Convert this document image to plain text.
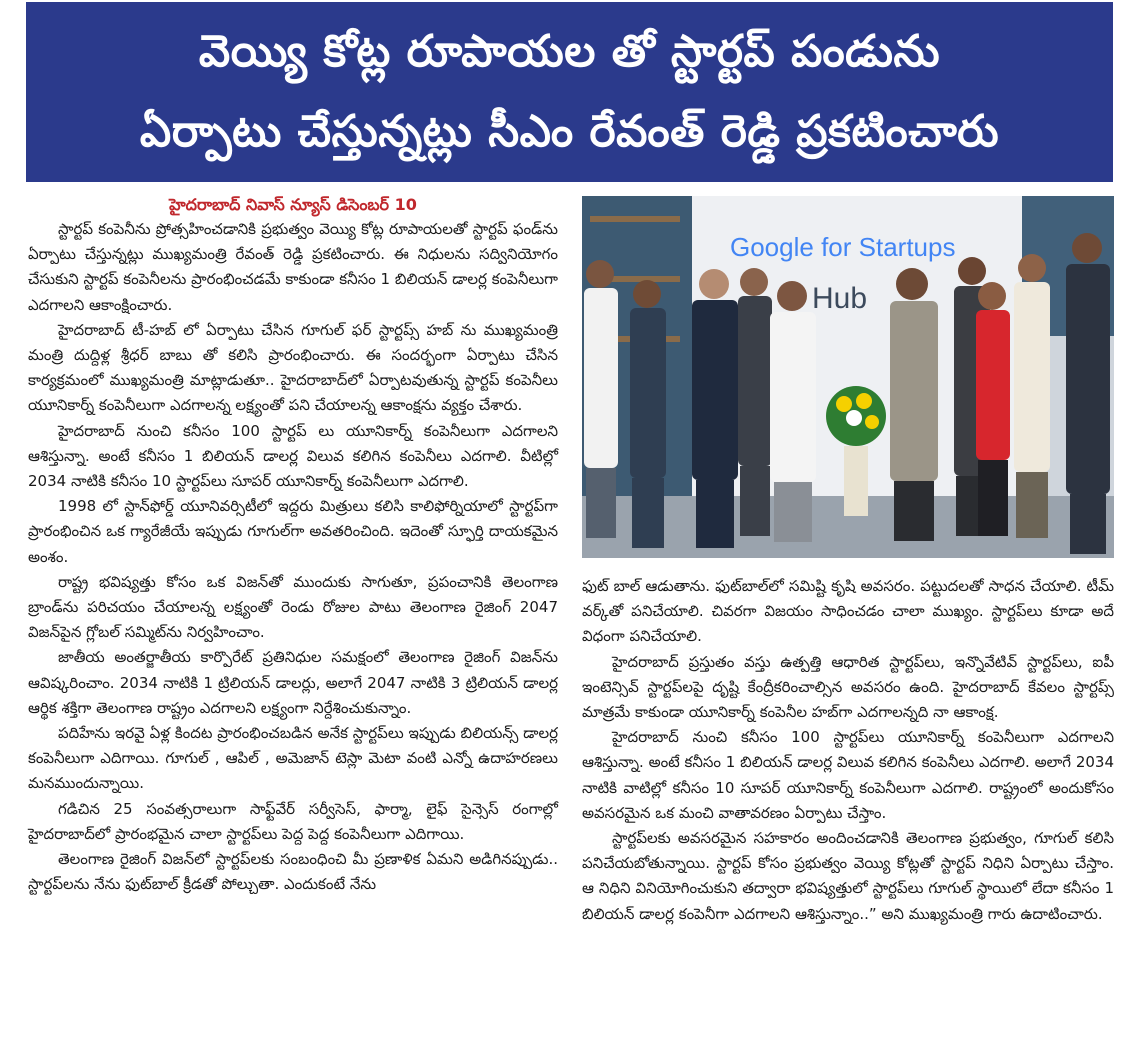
వెయ్యి కోట్ల రూపాయల తో స్టార్టప్ పండును
ఏర్పాటు చేస్తున్నట్లు సీఎం రేవంత్ రెడ్డి ప్రకటించారు

హైదరాబాద్ నివాస్ న్యూస్ డిసెంబర్ 10

స్టార్టప్ కంపెనీను ప్రోత్సహించడానికి ప్రభుత్వం వెయ్యి కోట్ల రూపాయలతో స్టార్టప్ ఫండ్‌ను ఏర్పాటు చేస్తున్నట్లు ముఖ్యమంత్రి రేవంత్ రెడ్డి ప్రకటించారు. ఈ నిధులను సద్వినియోగం చేసుకుని స్టార్టప్ కంపెనీలను ప్రారంభించడమే కాకుండా కనీసం 1 బిలియన్ డాలర్ల కంపెనీలుగా ఎదగాలని ఆకాంక్షించారు.

హైదరాబాద్ టీ-హబ్ లో ఏర్పాటు చేసిన గూగుల్ ఫర్ స్టార్టప్స్ హబ్ ను ముఖ్యమంత్రి మంత్రి దుద్దిళ్ల శ్రీధర్ బాబు తో కలిసి ప్రారంభించారు. ఈ సందర్భంగా ఏర్పాటు చేసిన కార్యక్రమంలో ముఖ్యమంత్రి మాట్లాడుతూ.. హైదరాబాద్‌లో ఏర్పాటవుతున్న స్టార్టప్ కంపెనీలు యూనికార్న్ కంపెనీలుగా ఎదగాలన్న లక్ష్యంతో పని చేయాలన్న ఆకాంక్షను వ్యక్తం చేశారు.

హైదరాబాద్ నుంచి కనీసం 100 స్టార్టప్ లు యూనికార్న్ కంపెనీలుగా ఎదగాలని ఆశిస్తున్నా. అంటే కనీసం 1 బిలియన్ డాలర్ల విలువ కలిగిన కంపెనీలు ఎదగాలి. వీటిల్లో 2034 నాటికి కనీసం 10 స్టార్టప్‌లు సూపర్ యూనికార్న్ కంపెనీలుగా ఎదగాలి.

1998 లో స్టాన్‌ఫోర్డ్ యూనివర్సిటీలో ఇద్దరు మిత్రులు కలిసి కాలిఫోర్నియాలో స్టార్టప్‌గా ప్రారంభించిన ఒక గ్యారేజీయే ఇప్పుడు గూగుల్‌గా అవతరించింది. ఇదెంతో స్ఫూర్తి దాయకమైన అంశం.

రాష్ట్ర భవిష్యత్తు కోసం ఒక విజన్‌తో ముందుకు సాగుతూ, ప్రపంచానికి తెలంగాణ బ్రాండ్‌ను పరిచయం చేయాలన్న లక్ష్యంతో రెండు రోజుల పాటు తెలంగాణ రైజింగ్ 2047 విజన్‌పైన గ్లోబల్ సమ్మిట్‌ను నిర్వహించాం.

జాతీయ అంతర్జాతీయ కార్పొరేట్ ప్రతినిధుల సమక్షంలో తెలంగాణ రైజింగ్ విజన్‌ను ఆవిష్కరించాం. 2034 నాటికి 1 ట్రిలియన్ డాలర్లు, అలాగే 2047 నాటికి 3 ట్రిలియన్ డాలర్ల ఆర్థిక శక్తిగా తెలంగాణ రాష్ట్రం ఎదగాలని లక్ష్యంగా నిర్దేశించుకున్నాం.

పదిహేను ఇరవై ఏళ్ల కిందట ప్రారంభించబడిన అనేక స్టార్టప్‌లు ఇప్పుడు బిలియన్స్ డాలర్ల కంపెనీలుగా ఎదిగాయి. గూగుల్ , ఆపిల్ , అమెజాన్ టెస్లా మెటా వంటి ఎన్నో ఉదాహరణలు మనముందున్నాయి.

గడిచిన 25 సంవత్సరాలుగా సాఫ్ట్‌వేర్ సర్వీసెస్, ఫార్మా, లైఫ్ సైన్సెస్ రంగాల్లో హైదరాబాద్‌లో ప్రారంభమైన చాలా స్టార్టప్‌లు పెద్ద పెద్ద కంపెనీలుగా ఎదిగాయి.

తెలంగాణ రైజింగ్ విజన్‌లో స్టార్టప్‌లకు సంబంధించి మీ ప్రణాళిక ఏమని అడిగినప్పుడు.. స్టార్టప్‌లను నేను ఫుట్‌బాల్ క్రీడతో పోల్చుతా. ఎందుకంటే నేను

Google for Startups
Hub

ఫుట్ బాల్ ఆడుతాను. ఫుట్‌బాల్‌లో సమిష్టి కృషి అవసరం. పట్టుదలతో సాధన చేయాలి. టీమ్ వర్క్‌తో పనిచేయాలి. చివరగా విజయం సాధించడం చాలా ముఖ్యం. స్టార్టప్‌లు కూడా అదే విధంగా పనిచేయాలి.

హైదరాబాద్ ప్రస్తుతం వస్తు ఉత్పత్తి ఆధారిత స్టార్టప్‌లు, ఇన్నొవేటివ్ స్టార్టప్‌లు, ఐపీ ఇంటెన్సివ్ స్టార్టప్‌లపై దృష్టి కేంద్రీకరించాల్సిన అవసరం ఉంది. హైదరాబాద్ కేవలం స్టార్టప్స్ మాత్రమే కాకుండా యూనికార్న్ కంపెనీల హబ్‌గా ఎదగాలన్నది నా ఆకాంక్ష.

హైదరాబాద్ నుంచి కనీసం 100 స్టార్టప్‌లు యూనికార్న్ కంపెనీలుగా ఎదగాలని ఆశిస్తున్నా. అంటే కనీసం 1 బిలియన్ డాలర్ల విలువ కలిగిన కంపెనీలు ఎదగాలి. అలాగే 2034 నాటికి వాటిల్లో కనీసం 10 సూపర్ యూనికార్న్ కంపెనీలుగా ఎదగాలి. రాష్ట్రంలో అందుకోసం అవసరమైన ఒక మంచి వాతావరణం ఏర్పాటు చేస్తాం.

స్టార్టప్‌లకు అవసరమైన సహకారం అందించడానికి తెలంగాణ ప్రభుత్వం, గూగుల్ కలిసి పనిచేయబోతున్నాయి. స్టార్టప్ కోసం ప్రభుత్వం వెయ్యి కోట్లతో స్టార్టప్ నిధిని ఏర్పాటు చేస్తాం. ఆ నిధిని వినియోగించుకుని తద్వారా భవిష్యత్తులో స్టార్టప్‌లు గూగుల్ స్థాయిలో లేదా కనీసం 1 బిలియన్ డాలర్ల కంపెనీగా ఎదగాలని ఆశిస్తున్నాం..” అని ముఖ్యమంత్రి గారు ఉదాటించారు.
